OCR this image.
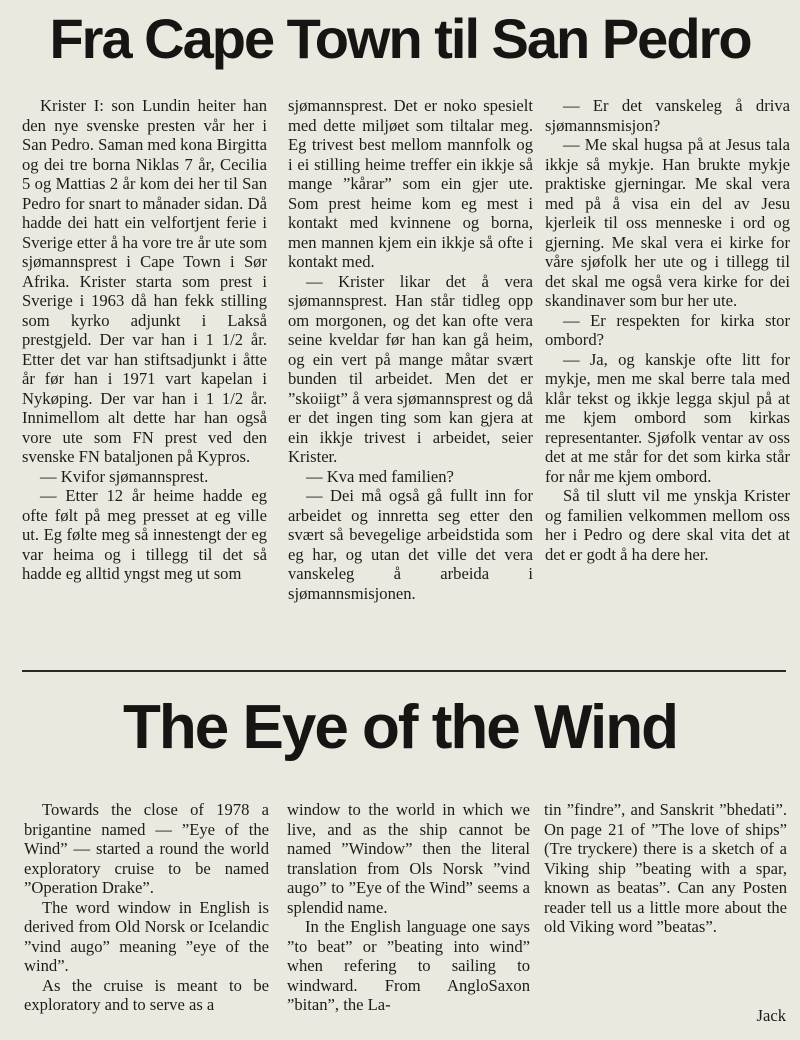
Fra Cape Town til San Pedro

Krister I: son Lundin heiter han den nye svenske presten vår her i San Pedro. Saman med kona Birgitta og dei tre borna Niklas 7 år, Cecilia 5 og Mattias 2 år kom dei her til San Pedro for snart to månader sidan. Då hadde dei hatt ein velfortjent ferie i Sverige etter å ha vore tre år ute som sjømannsprest i Cape Town i Sør Afrika. Krister starta som prest i Sverige i 1963 då han fekk stilling som kyrko adjunkt i Lakså prestgjeld. Der var han i 1 1/2 år. Etter det var han stiftsadjunkt i åtte år før han i 1971 vart kapelan i Nykøping. Der var han i 1 1/2 år. Innimellom alt dette har han også vore ute som FN prest ved den svenske FN bataljonen på Kypros.

— Kvifor sjømannsprest.

— Etter 12 år heime hadde eg ofte følt på meg presset at eg ville ut. Eg følte meg så innestengt der eg var heima og i tillegg til det så hadde eg alltid yngst meg ut som

sjømannsprest. Det er noko spesielt med dette miljøet som tiltalar meg. Eg trivest best mellom mannfolk og i ei stilling heime treffer ein ikkje så mange ”kårar” som ein gjer ute. Som prest heime kom eg mest i kontakt med kvinnene og borna, men mannen kjem ein ikkje så ofte i kontakt med.

— Krister likar det å vera sjømannsprest. Han står tidleg opp om morgonen, og det kan ofte vera seine kveldar før han kan gå heim, og ein vert på mange måtar svært bunden til arbeidet. Men det er ”skoiigt” å vera sjømannsprest og då er det ingen ting som kan gjera at ein ikkje trivest i arbeidet, seier Krister.

— Kva med familien?

— Dei må også gå fullt inn for arbeidet og innretta seg etter den svært så bevegelige arbeidstida som eg har, og utan det ville det vera vanskeleg å arbeida i sjømannsmisjonen.

— Er det vanskeleg å driva sjømannsmisjon?

— Me skal hugsa på at Jesus tala ikkje så mykje. Han brukte mykje praktiske gjerningar. Me skal vera med på å visa ein del av Jesu kjerleik til oss menneske i ord og gjerning. Me skal vera ei kirke for våre sjøfolk her ute og i tillegg til det skal me også vera kirke for dei skandinaver som bur her ute.

— Er respekten for kirka stor ombord?

— Ja, og kanskje ofte litt for mykje, men me skal berre tala med klår tekst og ikkje legga skjul på at me kjem ombord som kirkas representanter. Sjøfolk ventar av oss det at me står for det som kirka står for når me kjem ombord.

Så til slutt vil me ynskja Krister og familien velkommen mellom oss her i Pedro og dere skal vita det at det er godt å ha dere her.

The Eye of the Wind

Towards the close of 1978 a brigantine named — ”Eye of the Wind” — started a round the world exploratory cruise to be named ”Operation Drake”.

The word window in English is derived from Old Norsk or Icelandic ”vind augo” meaning ”eye of the wind”.

As the cruise is meant to be exploratory and to serve as a

window to the world in which we live, and as the ship cannot be named ”Window” then the literal translation from Ols Norsk ”vind augo” to ”Eye of the Wind” seems a splendid name.

In the English language one says ”to beat” or ”beating into wind” when refering to sailing to windward. From AngloSaxon ”bitan”, the La-

tin ”findre”, and Sanskrit ”bhedati”. On page 21 of ”The love of ships” (Tre tryckere) there is a sketch of a Viking ship ”beating with a spar, known as beatas”. Can any Posten reader tell us a little more about the old Viking word ”beatas”.

Jack
